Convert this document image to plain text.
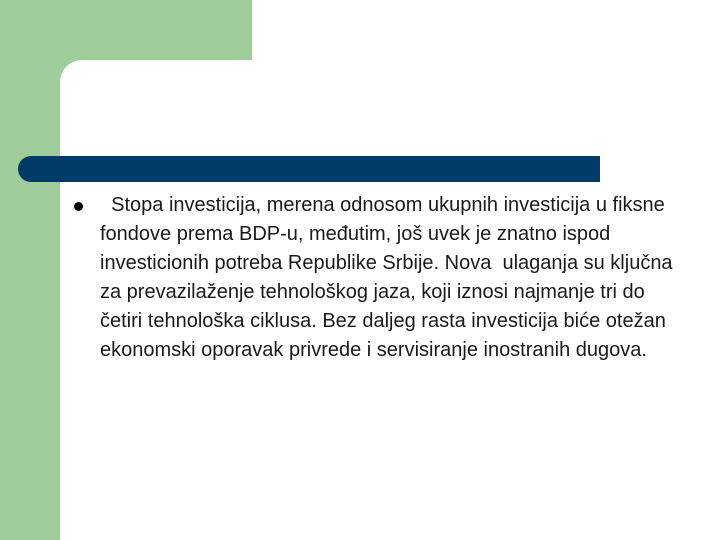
Stopa investicija, merena odnosom ukupnih investicija u fiksne fondove prema BDP-u, međutim, još uvek je znatno ispod investicionih potreba Republike Srbije. Nova  ulaganja su ključna za prevazilaženje tehnološkog jaza, koji iznosi najmanje tri do četiri tehnološka ciklusa. Bez daljeg rasta investicija biće otežan ekonomski oporavak privrede i servisiranje inostranih dugova.
